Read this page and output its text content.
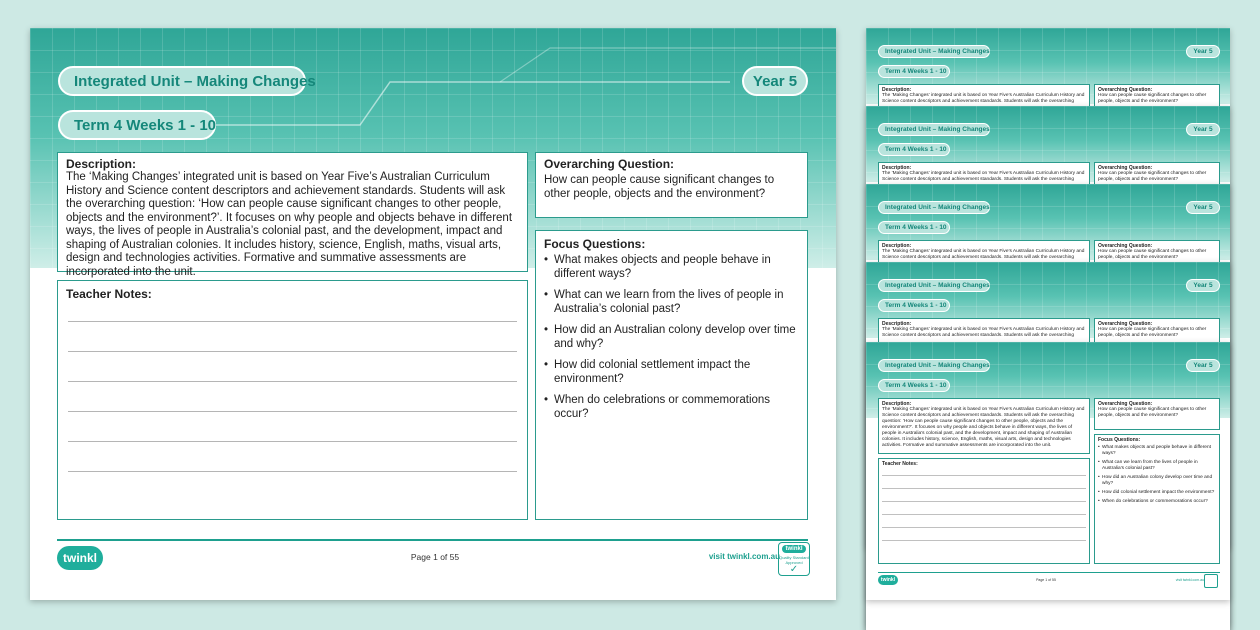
Integrated Unit – Making Changes	Year 5
Term 4 Weeks 1 - 10
Description:
The ‘Making Changes’ integrated unit is based on Year Five’s Australian Curriculum History and Science content descriptors and achievement standards. Students will ask the overarching question: ‘How can people cause significant changes to other people, objects and the environment?’. It focuses on why people and objects behave in different ways, the lives of people in Australia’s colonial past, and the development, impact and shaping of Australian colonies. It includes history, science, English, maths, visual arts, design and technologies activities. Formative and summative assessments are incorporated into the unit.
Overarching Question:
How can people cause significant changes to other people, objects and the environment?
Focus Questions:
• What makes objects and people behave in different ways?
• What can we learn from the lives of people in Australia’s colonial past?
• How did an Australian colony develop over time and why?
• How did colonial settlement impact the environment?
• When do celebrations or commemorations occur?
Teacher Notes:
twinkl	Page 1 of 55	visit twinkl.com.au
twinkl
Quality Standard Approved
✓
Integrated Unit – Making Changes	Year 5
Term 4 Weeks 1 - 10
Description:
The ‘Making Changes’ integrated unit is based on Year Five’s Australian Curriculum History and Science content descriptors and achievement standards. Students will ask the overarching
Overarching Question:
How can people cause significant changes to other people, objects and the environment?
Integrated Unit – Making Changes	Year 5
Term 4 Weeks 1 - 10
Description:
The ‘Making Changes’ integrated unit is based on Year Five’s Australian Curriculum History and Science content descriptors and achievement standards. Students will ask the overarching
Overarching Question:
How can people cause significant changes to other people, objects and the environment?
Integrated Unit – Making Changes	Year 5
Term 4 Weeks 1 - 10
Description:
The ‘Making Changes’ integrated unit is based on Year Five’s Australian Curriculum History and Science content descriptors and achievement standards. Students will ask the overarching
Overarching Question:
How can people cause significant changes to other people, objects and the environment?
Integrated Unit – Making Changes	Year 5
Term 4 Weeks 1 - 10
Description:
The ‘Making Changes’ integrated unit is based on Year Five’s Australian Curriculum History and Science content descriptors and achievement standards. Students will ask the overarching
Overarching Question:
How can people cause significant changes to other people, objects and the environment?
Integrated Unit – Making Changes	Year 5
Term 4 Weeks 1 - 10
Description:
The ‘Making Changes’ integrated unit is based on Year Five’s Australian Curriculum History and Science content descriptors and achievement standards. Students will ask the overarching question: ‘How can people cause significant changes to other people, objects and the environment?’. It focuses on why people and objects behave in different ways, the lives of people in Australia’s colonial past, and the development, impact and shaping of Australian colonies. It includes history, science, English, maths, visual arts, design and technologies activities. Formative and summative assessments are incorporated into the unit.
Overarching Question:
How can people cause significant changes to other people, objects and the environment?
Focus Questions:
• What makes objects and people behave in different ways?
• What can we learn from the lives of people in Australia’s colonial past?
• How did an Australian colony develop over time and why?
• How did colonial settlement impact the environment?
• When do celebrations or commemorations occur?
Teacher Notes:
twinkl	Page 1 of 55	visit twinkl.com.au
